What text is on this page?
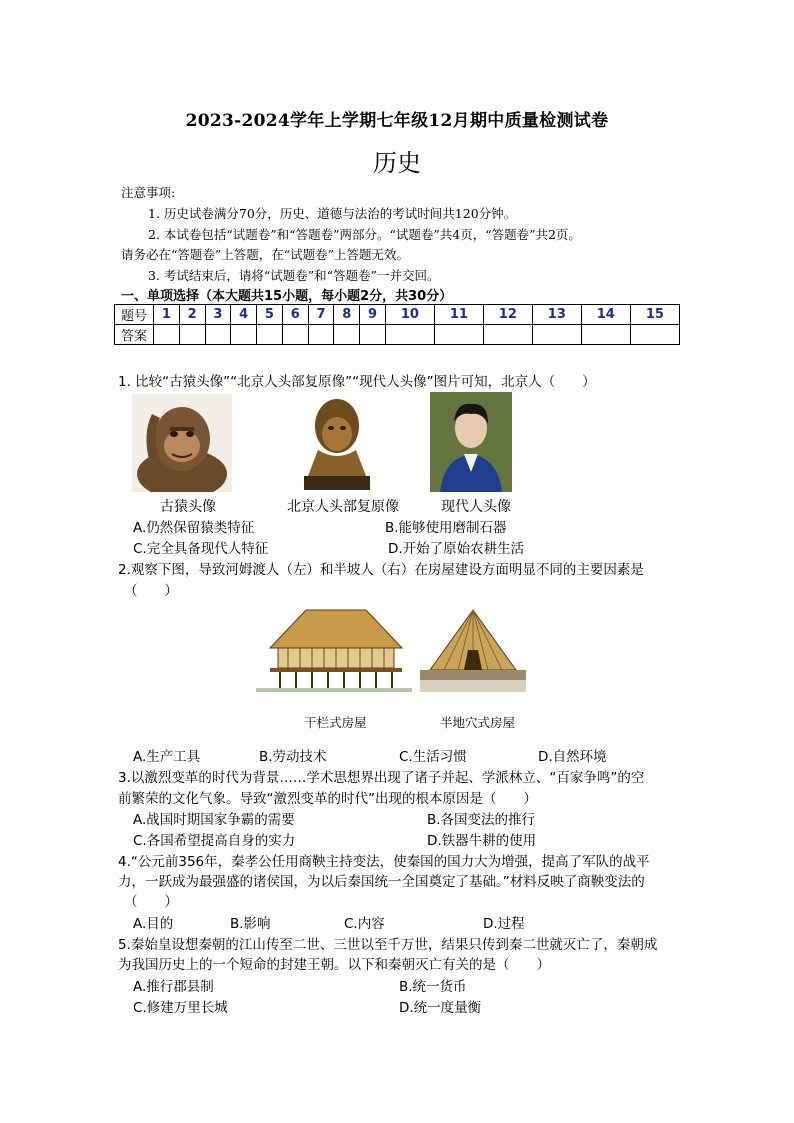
2023-2024学年上学期七年级12月期中质量检测试卷
历史
注意事项:
1. 历史试卷满分70分，历史、道德与法治的考试时间共120分钟。
2. 本试卷包括“试题卷”和“答题卷”两部分。“试题卷”共4页，“答题卷”共2页。
请务必在“答题卷”上答题，在“试题卷”上答题无效。
3. 考试结束后，请将“试题卷”和“答题卷”一并交回。
一、单项选择（本大题共15小题，每小题2分，共30分）
题号	1	2	3	4	5	6	7	8	9	10	11	12	13	14	15
答案															
1. 比较“古猿头像”“北京人头部复原像”“现代人头像”图片可知，北京人（　　）
古猿头像	北京人头部复原像	现代人头像
A.仍然保留猿类特征	B.能够使用磨制石器
C.完全具备现代人特征	D.开始了原始农耕生活
2.观察下图，导致河姆渡人（左）和半坡人（右）在房屋建设方面明显不同的主要因素是
（　　）
干栏式房屋	半地穴式房屋
A.生产工具	B.劳动技术	C.生活习惯	D.自然环境
3.以激烈变革的时代为背景……学术思想界出现了诸子并起、学派林立、“百家争鸣”的空
前繁荣的文化气象。导致“激烈变革的时代”出现的根本原因是（　　）
A.战国时期国家争霸的需要	B.各国变法的推行
C.各国希望提高自身的实力	D.铁器牛耕的使用
4.“公元前356年，秦孝公任用商鞅主持变法，使秦国的国力大为增强，提高了军队的战平
力，一跃成为最强盛的诸侯国，为以后秦国统一全国奠定了基础。”材料反映了商鞅变法的
（　　）
A.目的	B.影响	C.内容	D.过程
5.秦始皇设想秦朝的江山传至二世、三世以至千万世，结果只传到秦二世就灭亡了，秦朝成
为我国历史上的一个短命的封建王朝。以下和秦朝灭亡有关的是（　　）
A.推行郡县制	B.统一货币
C.修建万里长城	D.统一度量衡
